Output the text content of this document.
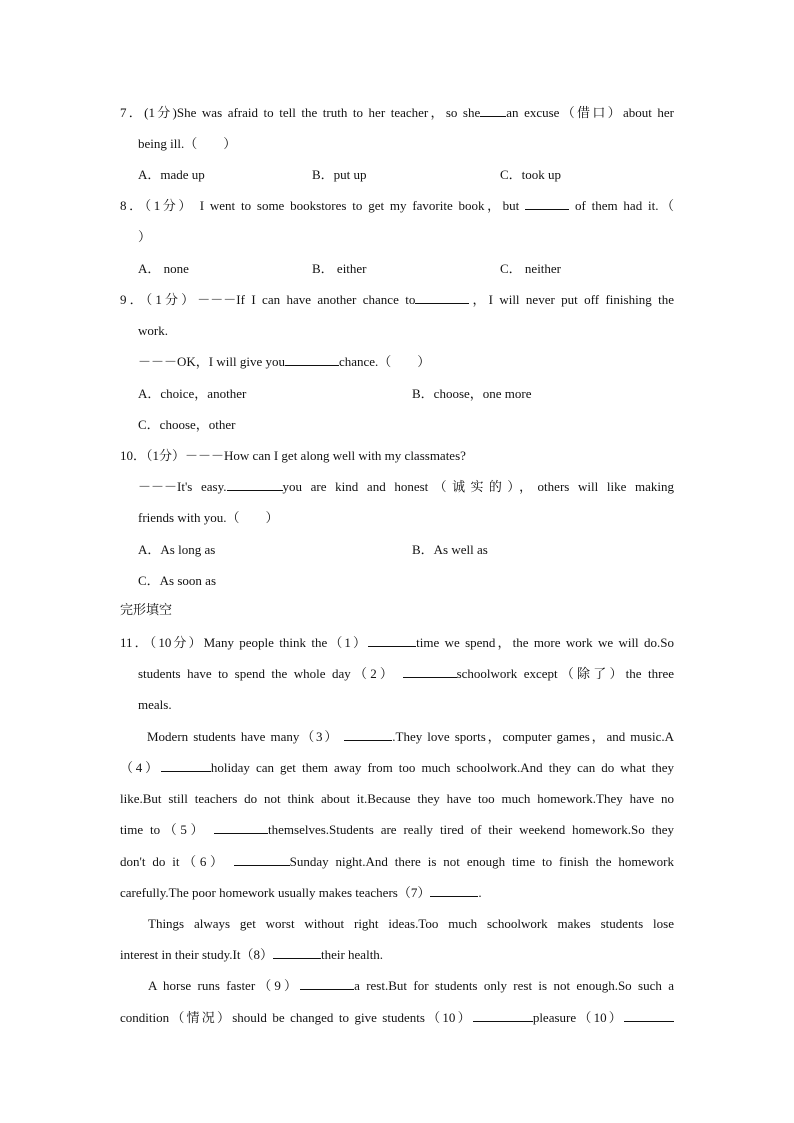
7．(1分)She was afraid to tell the truth to her teacher，so she an excuse（借口）about her
being ill.（　　）
A．made up	B．put up	C．took up
8．（1分） I went to some bookstores to get my favorite book，but	of them had it.（
）
A． none	B． either	C． neither
9．（1分）－－－If I can have another chance to	，I will never put off finishing the
work.
－－－OK，I will give you	chance.（　　）
A．choice，another	B．choose，one more
C．choose，other
10．（1分）－－－How can I get along well with my classmates?
－－－It's easy.	you are kind and honest（诚实的），others will like making
friends with you.（　　）
A．As long as	B．As well as
C．As soon as
完形填空
11．（10分）Many people think the（1）	time we spend，the more work we will do.So
students have to spend the whole day（2）	schoolwork except（除了）the three
meals.
Modern students have many（3）	.They love sports，computer games，and music.A
（4）	holiday can get them away from too much schoolwork.And they can do what they
like.But still teachers do not think about it.Because they have too much homework.They have no
time to（5）	themselves.Students are really tired of their weekend homework.So they
don't do it（6）	Sunday night.And there is not enough time to finish the homework
carefully.The poor homework usually makes teachers（7）	.
Things always get worst without right ideas.Too much schoolwork makes students lose
interest in their study.It（8）	their health.
A horse runs faster（9）	a rest.But for students only rest is not enough.So such a
condition（情况）should be changed to give students（10）	pleasure（10）
